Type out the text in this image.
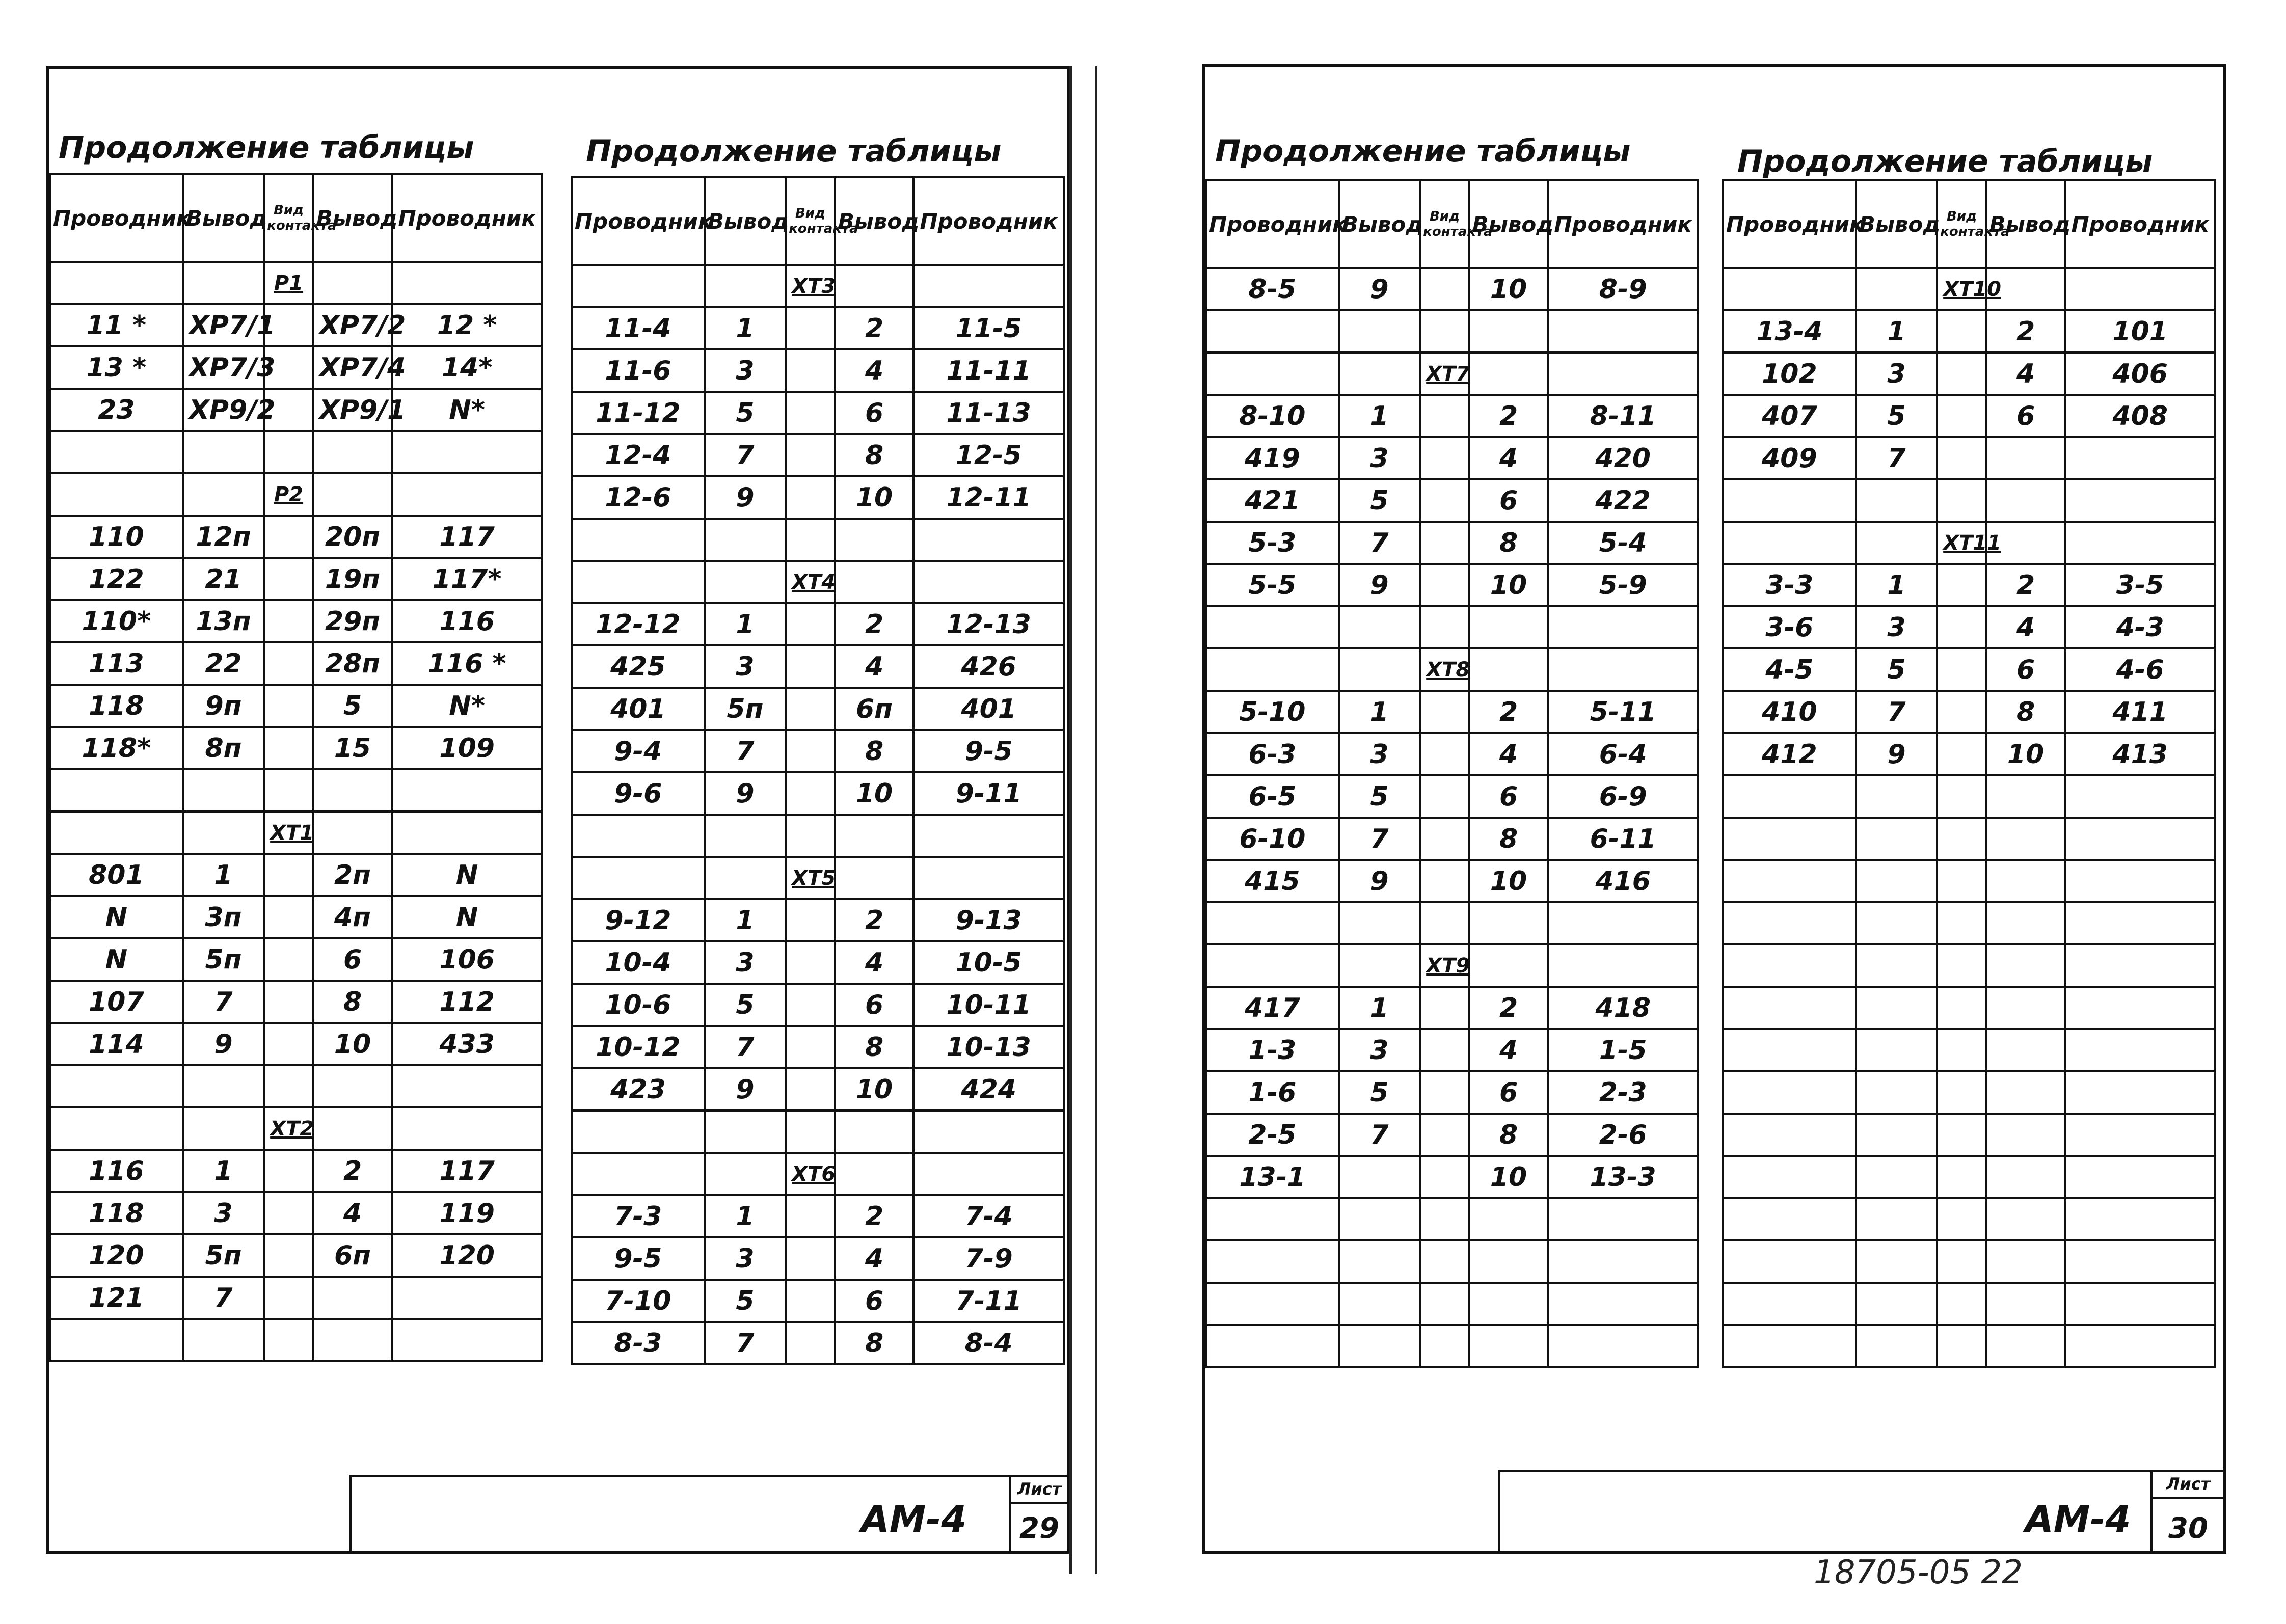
Продолжение таблицы	Продолжение таблицы
Проводник	Вывод	Вид контакта	Вывод	Проводник
		Р1		
11 *	XP7/1		XP7/2	12 *
13 *	XP7/3		XP7/4	14*
23	XP9/2		XP9/1	N*

		Р2		
110	12п		20п	117
122	21		19п	117*
110*	13п		29п	116
113	22		28п	116 *
118	9п		5	N*
118*	8п		15	109

		XT1		
801	1		2п	N
N	3п		4п	N
N	5п		6	106
107	7		8	112
114	9		10	433

		XT2		
116	1		2	117
118	3		4	119
120	5п		6п	120
121	7			

Проводник	Вывод	Вид контакта	Вывод	Проводник
		XT3		
11-4	1		2	11-5
11-6	3		4	11-11
11-12	5		6	11-13
12-4	7		8	12-5
12-6	9		10	12-11

		XT4		
12-12	1		2	12-13
425	3		4	426
401	5п		6п	401
9-4	7		8	9-5
9-6	9		10	9-11

		XT5		
9-12	1		2	9-13
10-4	3		4	10-5
10-6	5		6	10-11
10-12	7		8	10-13
423	9		10	424

		XT6		
7-3	1		2	7-4
9-5	3		4	7-9
7-10	5		6	7-11
8-3	7		8	8-4
АМ-4
Лист
29
Продолжение таблицы	Продолжение таблицы
Проводник	Вывод	Вид контакта	Вывод	Проводник
8-5	9		10	8-9

		XT7		
8-10	1		2	8-11
419	3		4	420
421	5		6	422
5-3	7		8	5-4
5-5	9		10	5-9

		XT8		
5-10	1		2	5-11
6-3	3		4	6-4
6-5	5		6	6-9
6-10	7		8	6-11
415	9		10	416

		XT9		
417	1		2	418
1-3	3		4	1-5
1-6	5		6	2-3
2-5	7		8	2-6
13-1			10	13-3

Проводник	Вывод	Вид контакта	Вывод	Проводник
		XT10		
13-4	1		2	101
102	3		4	406
407	5		6	408
409	7			

		XT11		
3-3	1		2	3-5
3-6	3		4	4-3
4-5	5		6	4-6
410	7		8	411
412	9		10	413

АМ-4
Лист
30
18705-05 22
